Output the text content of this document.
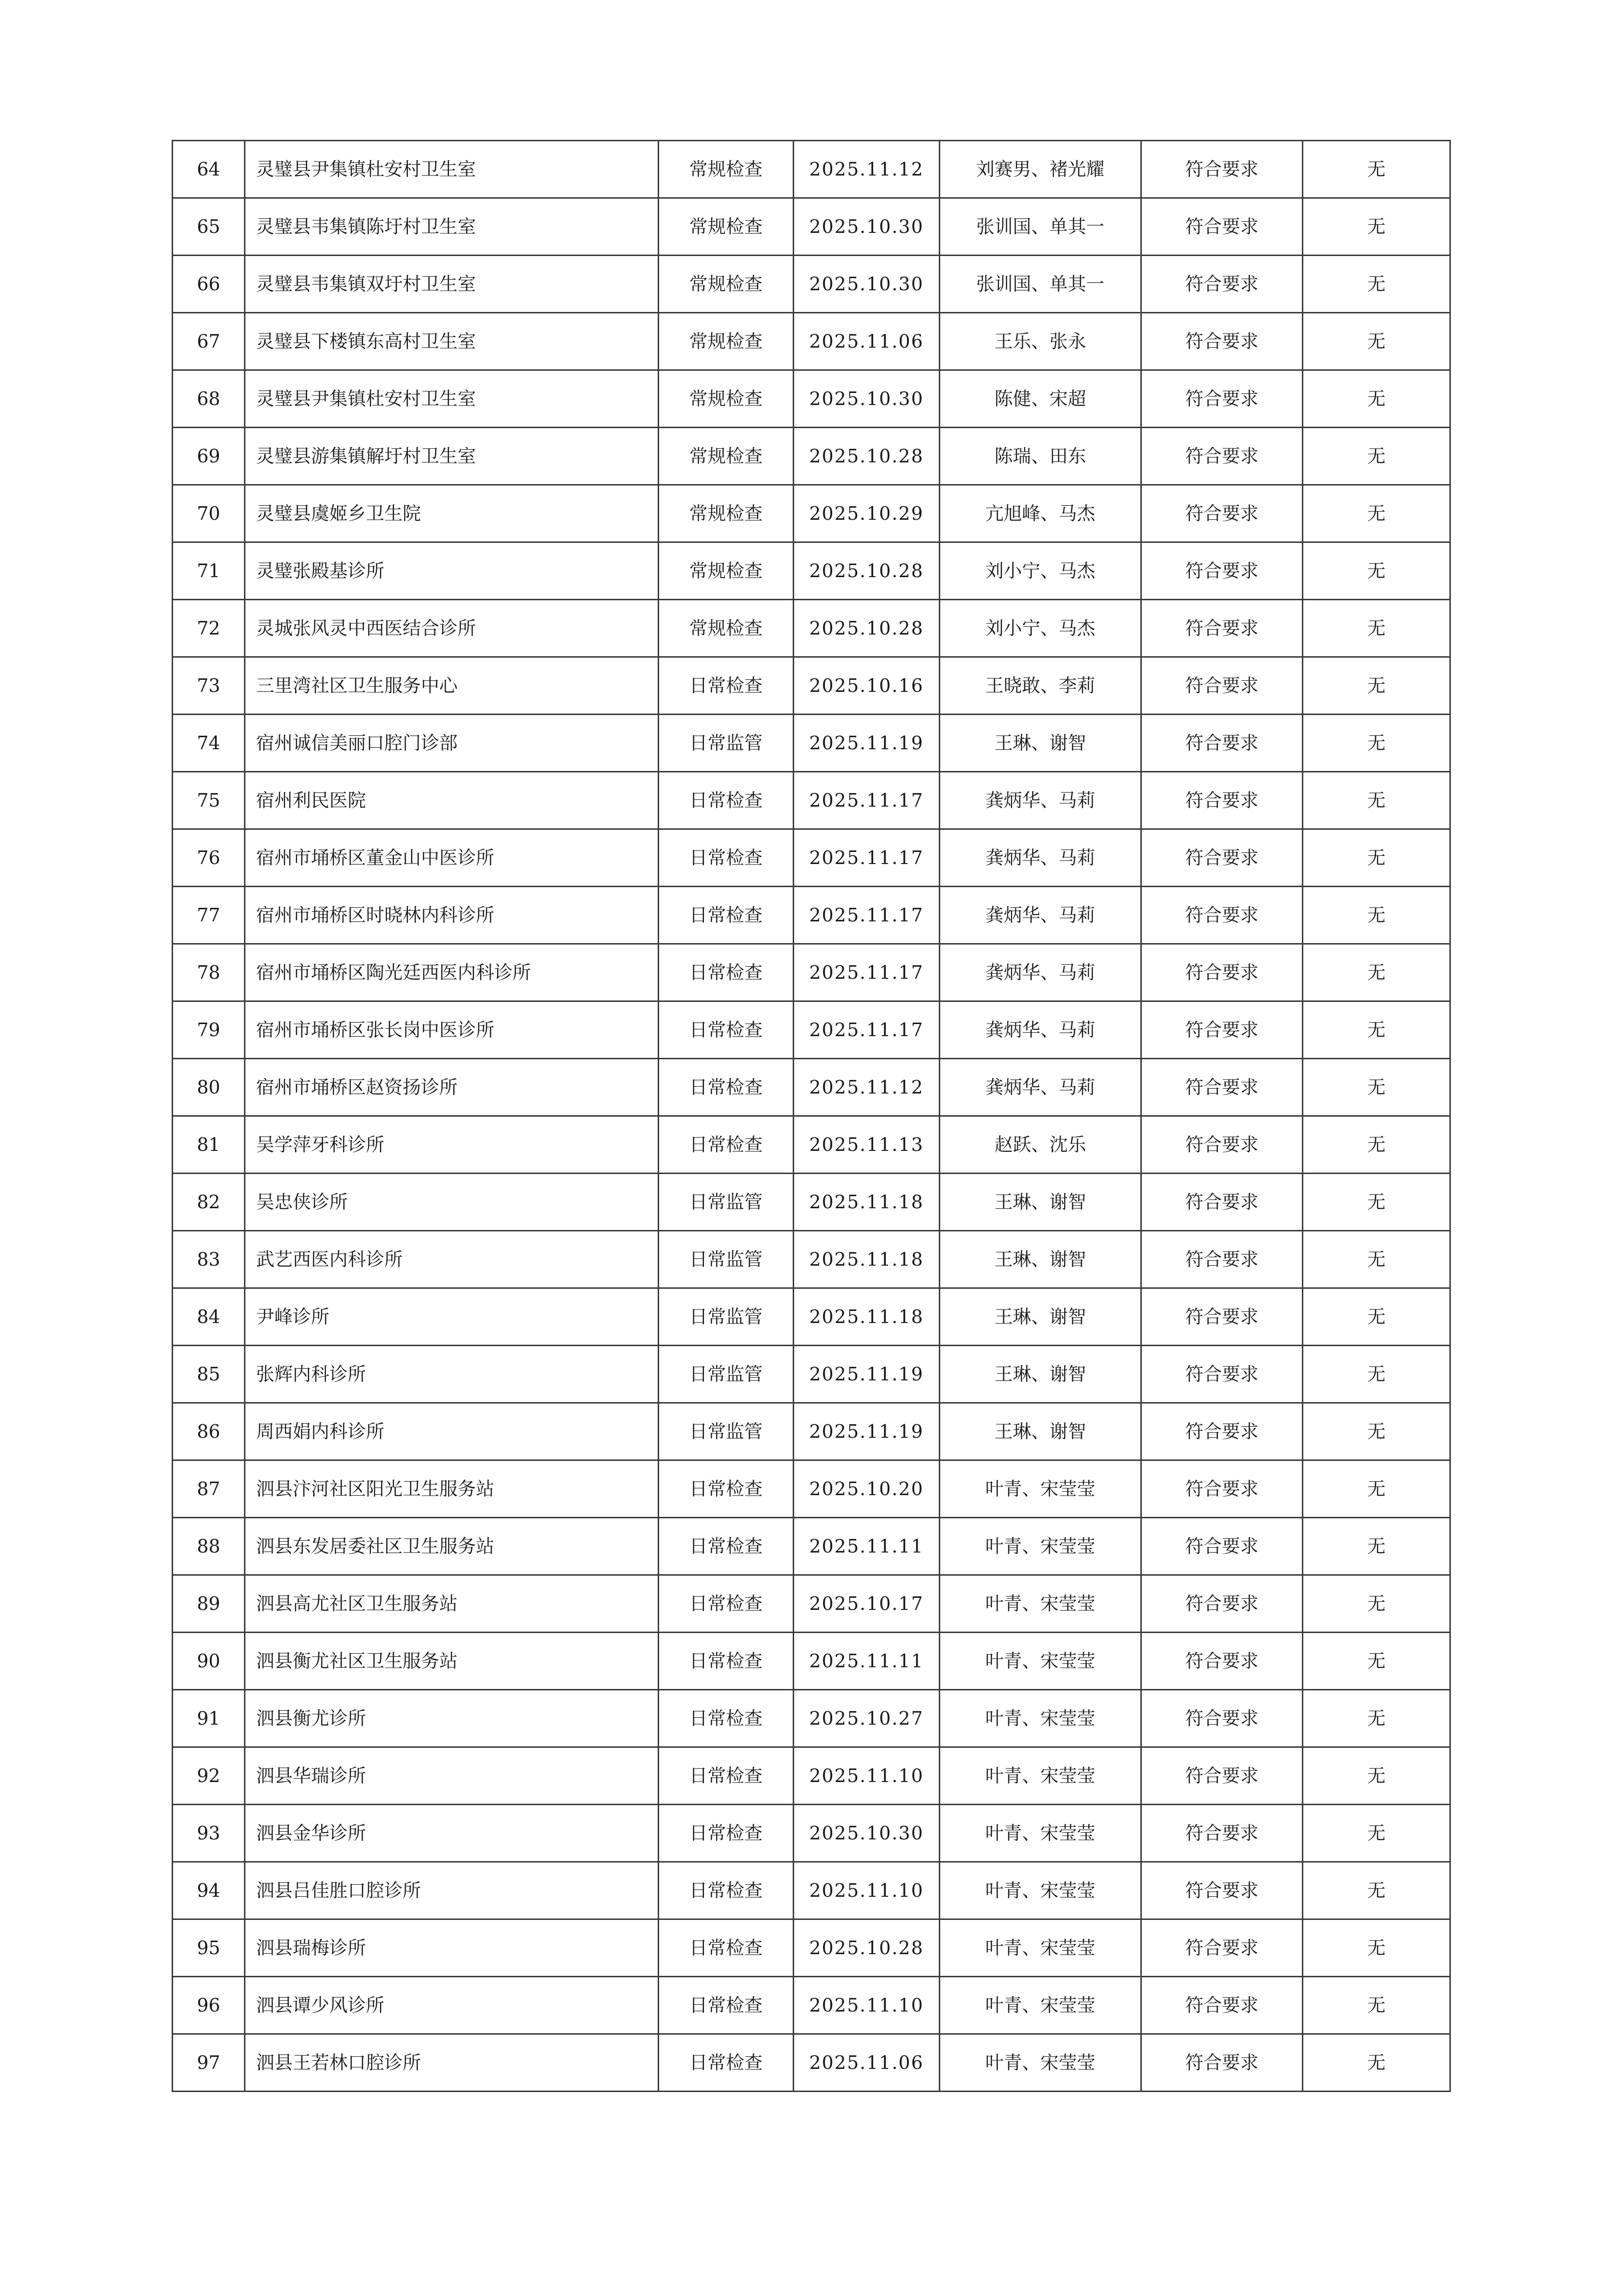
64	灵璧县尹集镇杜安村卫生室	常规检查	2025.11.12	刘赛男、褚光耀	符合要求	无
65	灵璧县韦集镇陈圩村卫生室	常规检查	2025.10.30	张训国、单其一	符合要求	无
66	灵璧县韦集镇双圩村卫生室	常规检查	2025.10.30	张训国、单其一	符合要求	无
67	灵璧县下楼镇东高村卫生室	常规检查	2025.11.06	王乐、张永	符合要求	无
68	灵璧县尹集镇杜安村卫生室	常规检查	2025.10.30	陈健、宋超	符合要求	无
69	灵璧县游集镇解圩村卫生室	常规检查	2025.10.28	陈瑞、田东	符合要求	无
70	灵璧县虞姬乡卫生院	常规检查	2025.10.29	亢旭峰、马杰	符合要求	无
71	灵璧张殿基诊所	常规检查	2025.10.28	刘小宁、马杰	符合要求	无
72	灵城张风灵中西医结合诊所	常规检查	2025.10.28	刘小宁、马杰	符合要求	无
73	三里湾社区卫生服务中心	日常检查	2025.10.16	王晓敢、李莉	符合要求	无
74	宿州诚信美丽口腔门诊部	日常监管	2025.11.19	王琳、谢智	符合要求	无
75	宿州利民医院	日常检查	2025.11.17	龚炳华、马莉	符合要求	无
76	宿州市埇桥区董金山中医诊所	日常检查	2025.11.17	龚炳华、马莉	符合要求	无
77	宿州市埇桥区时晓林内科诊所	日常检查	2025.11.17	龚炳华、马莉	符合要求	无
78	宿州市埇桥区陶光廷西医内科诊所	日常检查	2025.11.17	龚炳华、马莉	符合要求	无
79	宿州市埇桥区张长岗中医诊所	日常检查	2025.11.17	龚炳华、马莉	符合要求	无
80	宿州市埇桥区赵资扬诊所	日常检查	2025.11.12	龚炳华、马莉	符合要求	无
81	吴学萍牙科诊所	日常检查	2025.11.13	赵跃、沈乐	符合要求	无
82	吴忠侠诊所	日常监管	2025.11.18	王琳、谢智	符合要求	无
83	武艺西医内科诊所	日常监管	2025.11.18	王琳、谢智	符合要求	无
84	尹峰诊所	日常监管	2025.11.18	王琳、谢智	符合要求	无
85	张辉内科诊所	日常监管	2025.11.19	王琳、谢智	符合要求	无
86	周西娟内科诊所	日常监管	2025.11.19	王琳、谢智	符合要求	无
87	泗县汴河社区阳光卫生服务站	日常检查	2025.10.20	叶青、宋莹莹	符合要求	无
88	泗县东发居委社区卫生服务站	日常检查	2025.11.11	叶青、宋莹莹	符合要求	无
89	泗县高尤社区卫生服务站	日常检查	2025.10.17	叶青、宋莹莹	符合要求	无
90	泗县衡尤社区卫生服务站	日常检查	2025.11.11	叶青、宋莹莹	符合要求	无
91	泗县衡尤诊所	日常检查	2025.10.27	叶青、宋莹莹	符合要求	无
92	泗县华瑞诊所	日常检查	2025.11.10	叶青、宋莹莹	符合要求	无
93	泗县金华诊所	日常检查	2025.10.30	叶青、宋莹莹	符合要求	无
94	泗县吕佳胜口腔诊所	日常检查	2025.11.10	叶青、宋莹莹	符合要求	无
95	泗县瑞梅诊所	日常检查	2025.10.28	叶青、宋莹莹	符合要求	无
96	泗县谭少风诊所	日常检查	2025.11.10	叶青、宋莹莹	符合要求	无
97	泗县王若林口腔诊所	日常检查	2025.11.06	叶青、宋莹莹	符合要求	无
